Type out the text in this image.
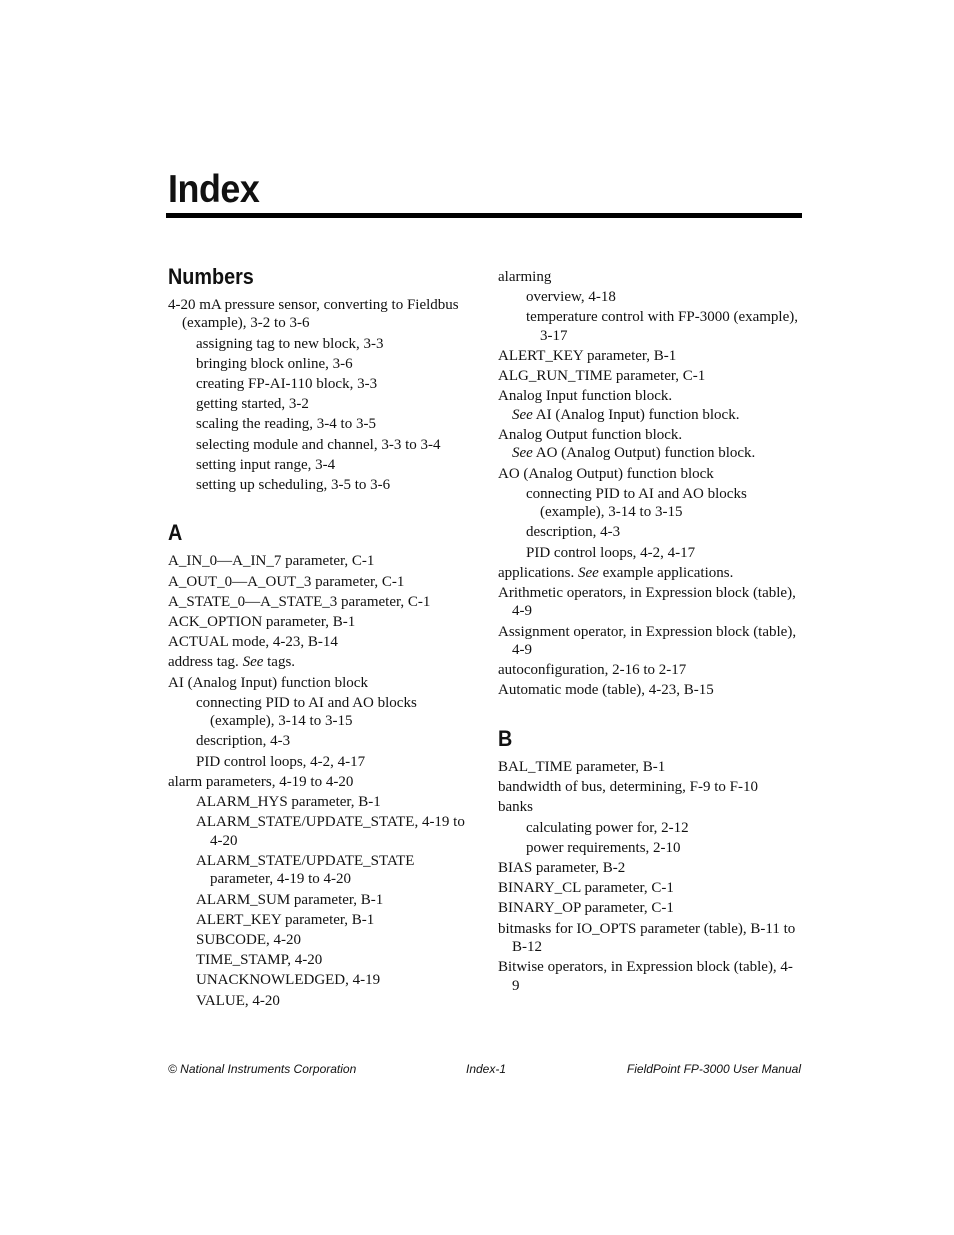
Index
Numbers

4-20 mA pressure sensor, converting to Fieldbus (example), 3-2 to 3-6

assigning tag to new block, 3-3

bringing block online, 3-6

creating FP-AI-110 block, 3-3

getting started, 3-2

scaling the reading, 3-4 to 3-5

selecting module and channel, 3-3 to 3-4

setting input range, 3-4

setting up scheduling, 3-5 to 3-6

A

A_IN_0—A_IN_7 parameter, C-1

A_OUT_0—A_OUT_3 parameter, C-1

A_STATE_0—A_STATE_3 parameter, C-1

ACK_OPTION parameter, B-1

ACTUAL mode, 4-23, B-14

address tag. See tags.

AI (Analog Input) function block

connecting PID to AI and AO blocks (example), 3-14 to 3-15

description, 4-3

PID control loops, 4-2, 4-17

alarm parameters, 4-19 to 4-20

ALARM_HYS parameter, B-1

ALARM_STATE/UPDATE_STATE, 4-19 to 4-20

ALARM_STATE/UPDATE_STATE parameter, 4-19 to 4-20

ALARM_SUM parameter, B-1

ALERT_KEY parameter, B-1

SUBCODE, 4-20

TIME_STAMP, 4-20

UNACKNOWLEDGED, 4-19

VALUE, 4-20

alarming

overview, 4-18

temperature control with FP-3000 (example), 3-17

ALERT_KEY parameter, B-1

ALG_RUN_TIME parameter, C-1

Analog Input function block.
See AI (Analog Input) function block.

Analog Output function block.
See AO (Analog Output) function block.

AO (Analog Output) function block

connecting PID to AI and AO blocks (example), 3-14 to 3-15

description, 4-3

PID control loops, 4-2, 4-17

applications. See example applications.

Arithmetic operators, in Expression block (table), 4-9

Assignment operator, in Expression block (table), 4-9

autoconfiguration, 2-16 to 2-17

Automatic mode (table), 4-23, B-15

B

BAL_TIME parameter, B-1

bandwidth of bus, determining, F-9 to F-10

banks

calculating power for, 2-12

power requirements, 2-10

BIAS parameter, B-2

BINARY_CL parameter, C-1

BINARY_OP parameter, C-1

bitmasks for IO_OPTS parameter (table), B-11 to B-12

Bitwise operators, in Expression block (table), 4-9

© National Instruments Corporation	Index-1	FieldPoint FP-3000 User Manual
